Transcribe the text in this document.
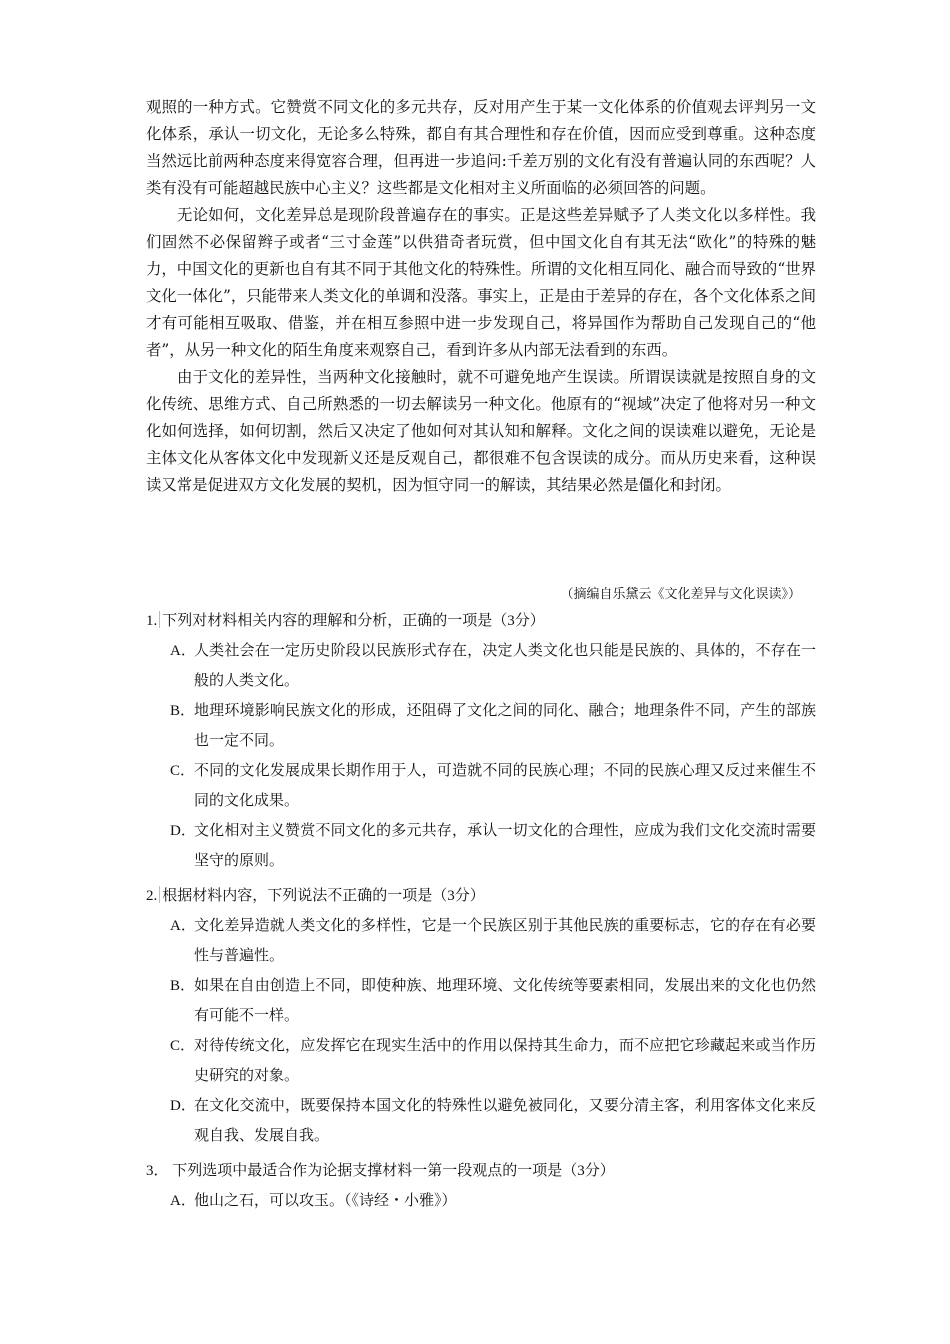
观照的一种方式。它赞赏不同文化的多元共存，反对用产生于某一文化体系的价值观去评判另一文化体系，承认一切文化，无论多么特殊，都自有其合理性和存在价值，因而应受到尊重。这种态度当然远比前两种态度来得宽容合理，但再进一步追问:千差万别的文化有没有普遍认同的东西呢？人类有没有可能超越民族中心主义？这些都是文化相对主义所面临的必须回答的问题。

无论如何，文化差异总是现阶段普遍存在的事实。正是这些差异赋予了人类文化以多样性。我们固然不必保留辫子或者“三寸金莲”以供猎奇者玩赏，但中国文化自有其无法“欧化”的特殊的魅力，中国文化的更新也自有其不同于其他文化的特殊性。所谓的文化相互同化、融合而导致的“世界文化一体化”，只能带来人类文化的单调和没落。事实上，正是由于差异的存在，各个文化体系之间才有可能相互吸取、借鉴，并在相互参照中进一步发现自己，将异国作为帮助自己发现自己的“他者”，从另一种文化的陌生角度来观察自己，看到许多从内部无法看到的东西。

由于文化的差异性，当两种文化接触时，就不可避免地产生误读。所谓误读就是按照自身的文化传统、思维方式、自己所熟悉的一切去解读另一种文化。他原有的“视域”决定了他将对另一种文化如何选择，如何切割，然后又决定了他如何对其认知和解释。文化之间的误读难以避免，无论是主体文化从客体文化中发现新义还是反观自己，都很难不包含误读的成分。而从历史来看，这种误读又常是促进双方文化发展的契机，因为恒守同一的解读，其结果必然是僵化和封闭。

（摘编自乐黛云《文化差异与文化误读》）
1. 下列对材料相关内容的理解和分析，正确的一项是（3分）
A．
人类社会在一定历史阶段以民族形式存在，决定人类文化也只能是民族的、具体的，不存在一般的人类文化。
B．
地理环境影响民族文化的形成，还阻碍了文化之间的同化、融合；地理条件不同，产生的部族也一定不同。
C．
不同的文化发展成果长期作用于人，可造就不同的民族心理；不同的民族心理又反过来催生不同的文化成果。
D．
文化相对主义赞赏不同文化的多元共存，承认一切文化的合理性，应成为我们文化交流时需要坚守的原则。
2. 根据材料内容，下列说法不正确的一项是（3分）
A．
文化差异造就人类文化的多样性，它是一个民族区别于其他民族的重要标志，它的存在有必要性与普遍性。
B．
如果在自由创造上不同，即使种族、地理环境、文化传统等要素相同，发展出来的文化也仍然有可能不一样。
C．
对待传统文化，应发挥它在现实生活中的作用以保持其生命力，而不应把它珍藏起来或当作历史研究的对象。
D．
在文化交流中，既要保持本国文化的特殊性以避免被同化，又要分清主客，利用客体文化来反观自我、发展自我。
3． 下列选项中最适合作为论据支撑材料一第一段观点的一项是（3分）
A．
他山之石，可以攻玉。（《诗经・小雅》）
